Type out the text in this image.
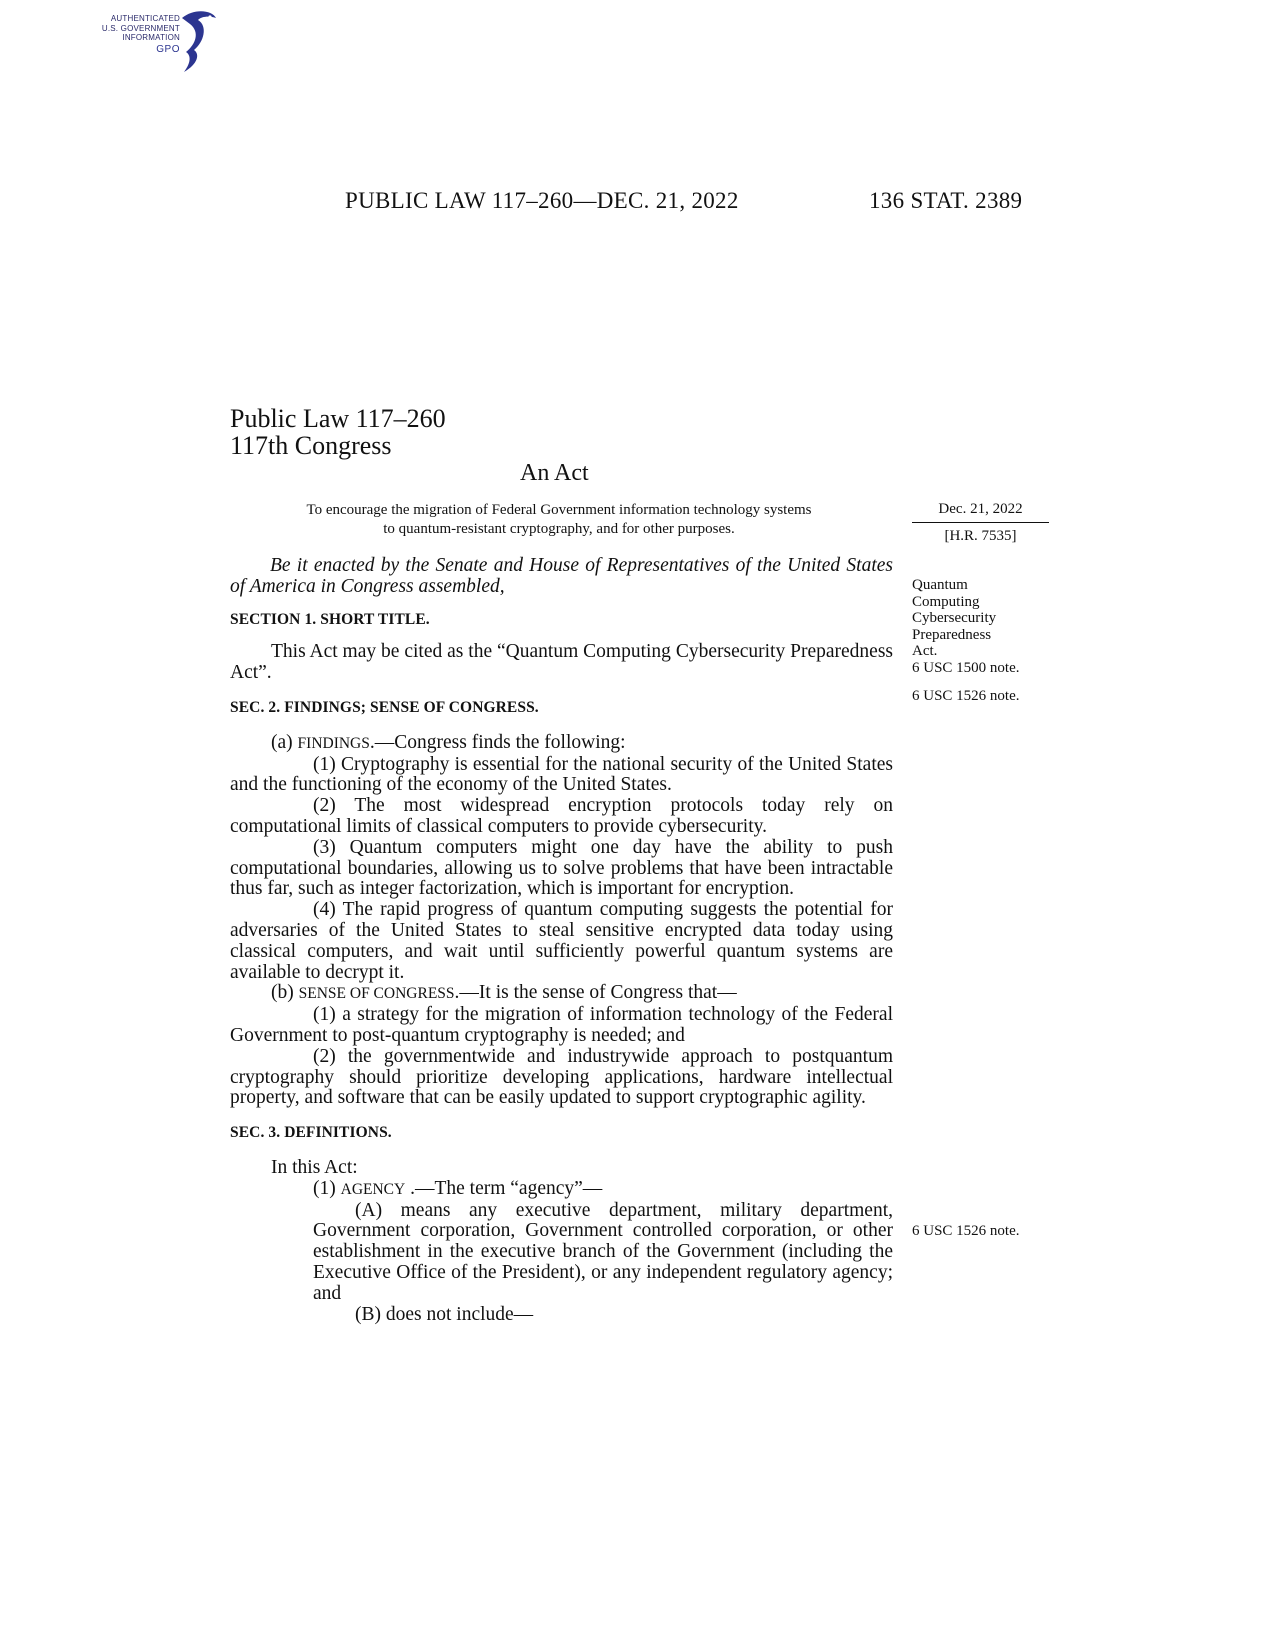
AUTHENTICATED
U.S. GOVERNMENT
INFORMATION
GPO
PUBLIC LAW 117–260—DEC. 21, 2022	136 STAT. 2389
Public Law 117–260
117th Congress
An Act
To encourage the migration of Federal Government information technology systems
to quantum-resistant cryptography, and for other purposes.
Dec. 21, 2022
[H.R. 7535]

Be it enacted by the Senate and House of Representatives of the United States of America in Congress assembled,

SECTION 1. SHORT TITLE.

This Act may be cited as the “Quantum Computing Cybersecurity Preparedness Act”.

SEC. 2. FINDINGS; SENSE OF CONGRESS.

(a) FINDINGS.—Congress finds the following:

(1) Cryptography is essential for the national security of the United States and the functioning of the economy of the United States.

(2) The most widespread encryption protocols today rely on computational limits of classical computers to provide cybersecurity.

(3) Quantum computers might one day have the ability to push computational boundaries, allowing us to solve problems that have been intractable thus far, such as integer factorization, which is important for encryption.

(4) The rapid progress of quantum computing suggests the potential for adversaries of the United States to steal sensitive encrypted data today using classical computers, and wait until sufficiently powerful quantum systems are available to decrypt it.

(b) SENSE OF CONGRESS.—It is the sense of Congress that—

(1) a strategy for the migration of information technology of the Federal Government to post-quantum cryptography is needed; and

(2) the governmentwide and industrywide approach to postquantum cryptography should prioritize developing applications, hardware intellectual property, and software that can be easily updated to support cryptographic agility.

SEC. 3. DEFINITIONS.

In this Act:

(1) AGENCY .—The term “agency”—

(A) means any executive department, military department, Government corporation, Government controlled corporation, or other establishment in the executive branch of the Government (including the Executive Office of the President), or any independent regulatory agency; and

(B) does not include—

Quantum
Computing
Cybersecurity
Preparedness
Act.
6 USC 1500 note.
6 USC 1526 note.
6 USC 1526 note.
